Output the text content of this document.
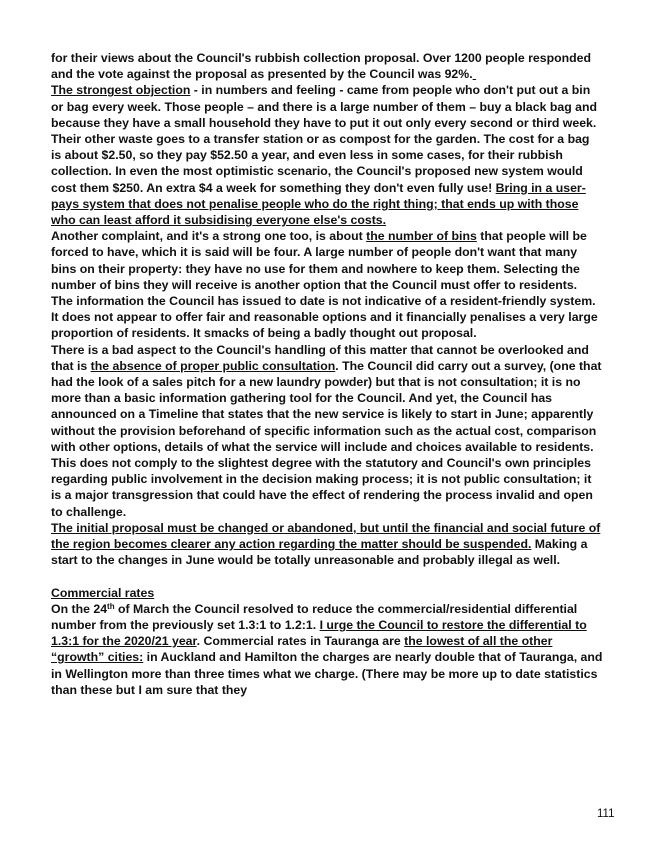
for their views about the Council's rubbish collection proposal. Over 1200 people responded and the vote against the proposal as presented by the Council was 92%.
The strongest objection - in numbers and feeling - came from people who don't put out a bin or bag every week. Those people – and there is a large number of them – buy a black bag and because they have a small household they have to put it out only every second or third week. Their other waste goes to a transfer station or as compost for the garden. The cost for a bag is about $2.50, so they pay $52.50 a year, and even less in some cases, for their rubbish collection. In even the most optimistic scenario, the Council's proposed new system would cost them $250. An extra $4 a week for something they don't even fully use! Bring in a user-pays system that does not penalise people who do the right thing; that ends up with those who can least afford it subsidising everyone else's costs.

Another complaint, and it's a strong one too, is about the number of bins that people will be forced to have, which it is said will be four. A large number of people don't want that many bins on their property: they have no use for them and nowhere to keep them. Selecting the number of bins they will receive is another option that the Council must offer to residents.

The information the Council has issued to date is not indicative of a resident-friendly system. It does not appear to offer fair and reasonable options and it financially penalises a very large proportion of residents. It smacks of being a badly thought out proposal.

There is a bad aspect to the Council's handling of this matter that cannot be overlooked and that is the absence of proper public consultation. The Council did carry out a survey, (one that had the look of a sales pitch for a new laundry powder) but that is not consultation; it is no more than a basic information gathering tool for the Council. And yet, the Council has announced on a Timeline that states that the new service is likely to start in June; apparently without the provision beforehand of specific information such as the actual cost, comparison with other options, details of what the service will include and choices available to residents. This does not comply to the slightest degree with the statutory and Council's own principles regarding public involvement in the decision making process; it is not public consultation; it is a major transgression that could have the effect of rendering the process invalid and open to challenge.

The initial proposal must be changed or abandoned, but until the financial and social future of the region becomes clearer any action regarding the matter should be suspended. Making a start to the changes in June would be totally unreasonable and probably illegal as well.

Commercial rates

On the 24th of March the Council resolved to reduce the commercial/residential differential number from the previously set 1.3:1 to 1.2:1. I urge the Council to restore the differential to 1.3:1 for the 2020/21 year. Commercial rates in Tauranga are the lowest of all the other “growth” cities: in Auckland and Hamilton the charges are nearly double that of Tauranga, and in Wellington more than three times what we charge. (There may be more up to date statistics than these but I am sure that they

111
